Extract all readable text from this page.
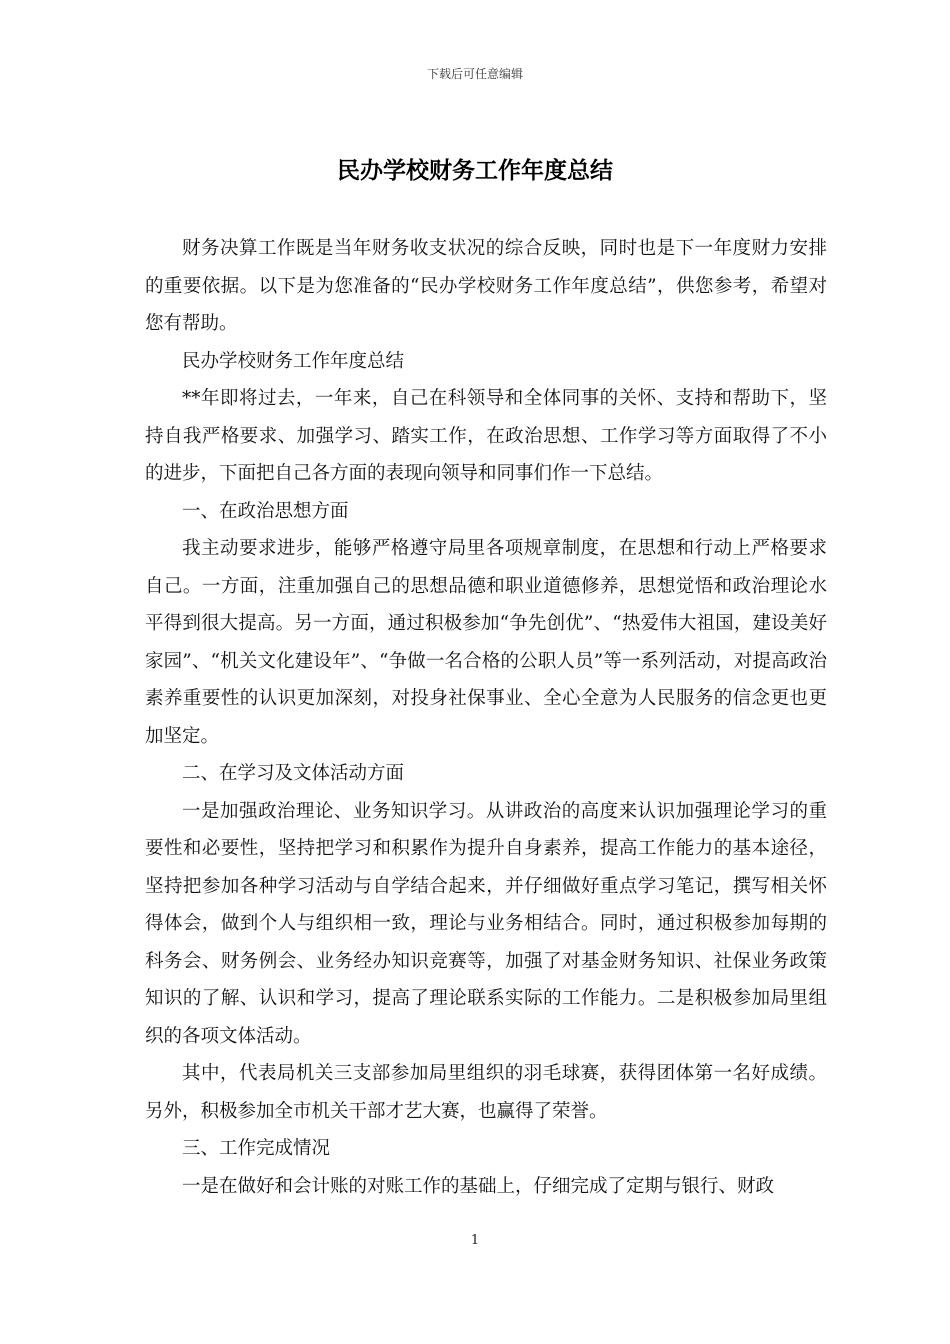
下载后可任意编辑
民办学校财务工作年度总结

财务决算工作既是当年财务收支状况的综合反映，同时也是下一年度财力安排的重要依据。以下是为您准备的“民办学校财务工作年度总结”，供您参考，希望对您有帮助。

民办学校财务工作年度总结

**年即将过去，一年来，自己在科领导和全体同事的关怀、支持和帮助下，坚持自我严格要求、加强学习、踏实工作，在政治思想、工作学习等方面取得了不小的进步，下面把自己各方面的表现向领导和同事们作一下总结。

一、在政治思想方面

我主动要求进步，能够严格遵守局里各项规章制度，在思想和行动上严格要求自己。一方面，注重加强自己的思想品德和职业道德修养，思想觉悟和政治理论水平得到很大提高。另一方面，通过积极参加“争先创优”、“热爱伟大祖国，建设美好家园”、“机关文化建设年”、“争做一名合格的公职人员”等一系列活动，对提高政治素养重要性的认识更加深刻，对投身社保事业、全心全意为人民服务的信念更也更加坚定。

二、在学习及文体活动方面

一是加强政治理论、业务知识学习。从讲政治的高度来认识加强理论学习的重要性和必要性，坚持把学习和积累作为提升自身素养，提高工作能力的基本途径，坚持把参加各种学习活动与自学结合起来，并仔细做好重点学习笔记，撰写相关怀得体会，做到个人与组织相一致，理论与业务相结合。同时，通过积极参加每期的科务会、财务例会、业务经办知识竞赛等，加强了对基金财务知识、社保业务政策知识的了解、认识和学习，提高了理论联系实际的工作能力。二是积极参加局里组织的各项文体活动。

其中，代表局机关三支部参加局里组织的羽毛球赛，获得团体第一名好成绩。另外，积极参加全市机关干部才艺大赛，也赢得了荣誉。

三、工作完成情况

一是在做好和会计账的对账工作的基础上，仔细完成了定期与银行、财政

1
